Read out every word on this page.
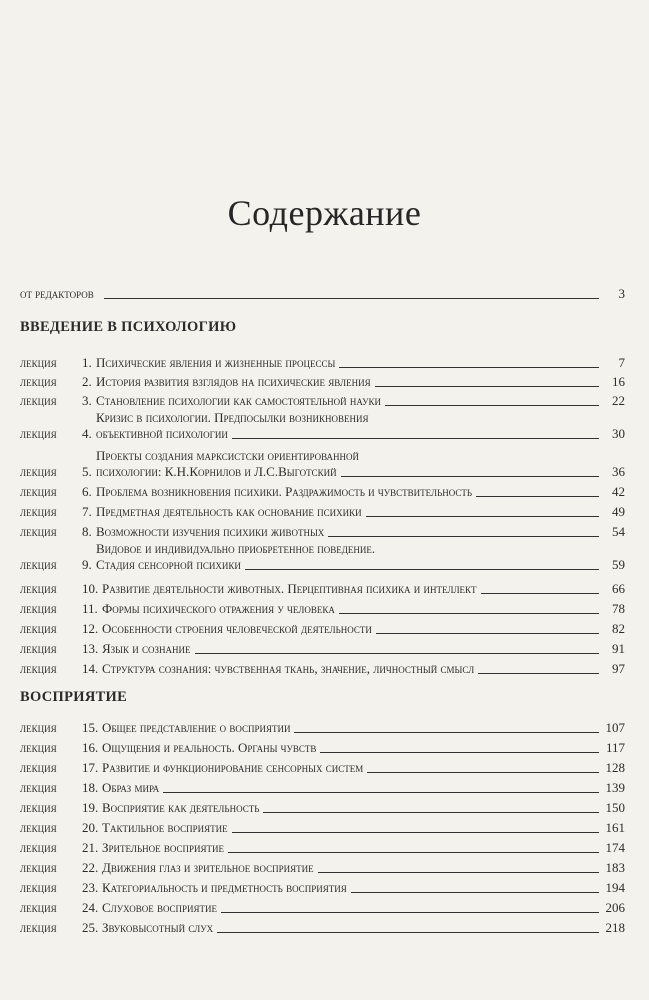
Содержание
от редакторов	3
ВВЕДЕНИЕ В ПСИХОЛОГИЮ
ВОСПРИЯТИЕ
лекция	1. Психические явления и жизненные процессы	7
лекция	2. История развития взглядов на психические явления	16
лекция	3. Становление психологии как самостоятельной науки	22
лекция	4.
Кризис в психологии. Предпосылки возникновения
объективной психологии	30
лекция	5.
Проекты создания марксистски ориентированной
психологии: К.Н.Корнилов и Л.С.Выготский	36
лекция	6. Проблема возникновения психики. Раздражимость и чувствительность	42
лекция	7. Предметная деятельность как основание психики	49
лекция	8. Возможности изучения психики животных	54
лекция	9.
Видовое и индивидуально приобретенное поведение.
Стадия сенсорной психики	59
лекция	10. Развитие деятельности животных. Перцептивная психика и интеллект	66
лекция	11. Формы психического отражения у человека	78
лекция	12. Особенности строения человеческой деятельности	82
лекция	13. Язык и сознание	91
лекция	14. Структура сознания: чувственная ткань, значение, личностный смысл	97
лекция	15. Общее представление о восприятии	107
лекция	16. Ощущения и реальность. Органы чувств	117
лекция	17. Развитие и функционирование сенсорных систем	128
лекция	18. Образ мира	139
лекция	19. Восприятие как деятельность	150
лекция	20. Тактильное восприятие	161
лекция	21. Зрительное восприятие	174
лекция	22. Движения глаз и зрительное восприятие	183
лекция	23. Категориальность и предметность восприятия	194
лекция	24. Слуховое восприятие	206
лекция	25. Звуковысотный слух	218
